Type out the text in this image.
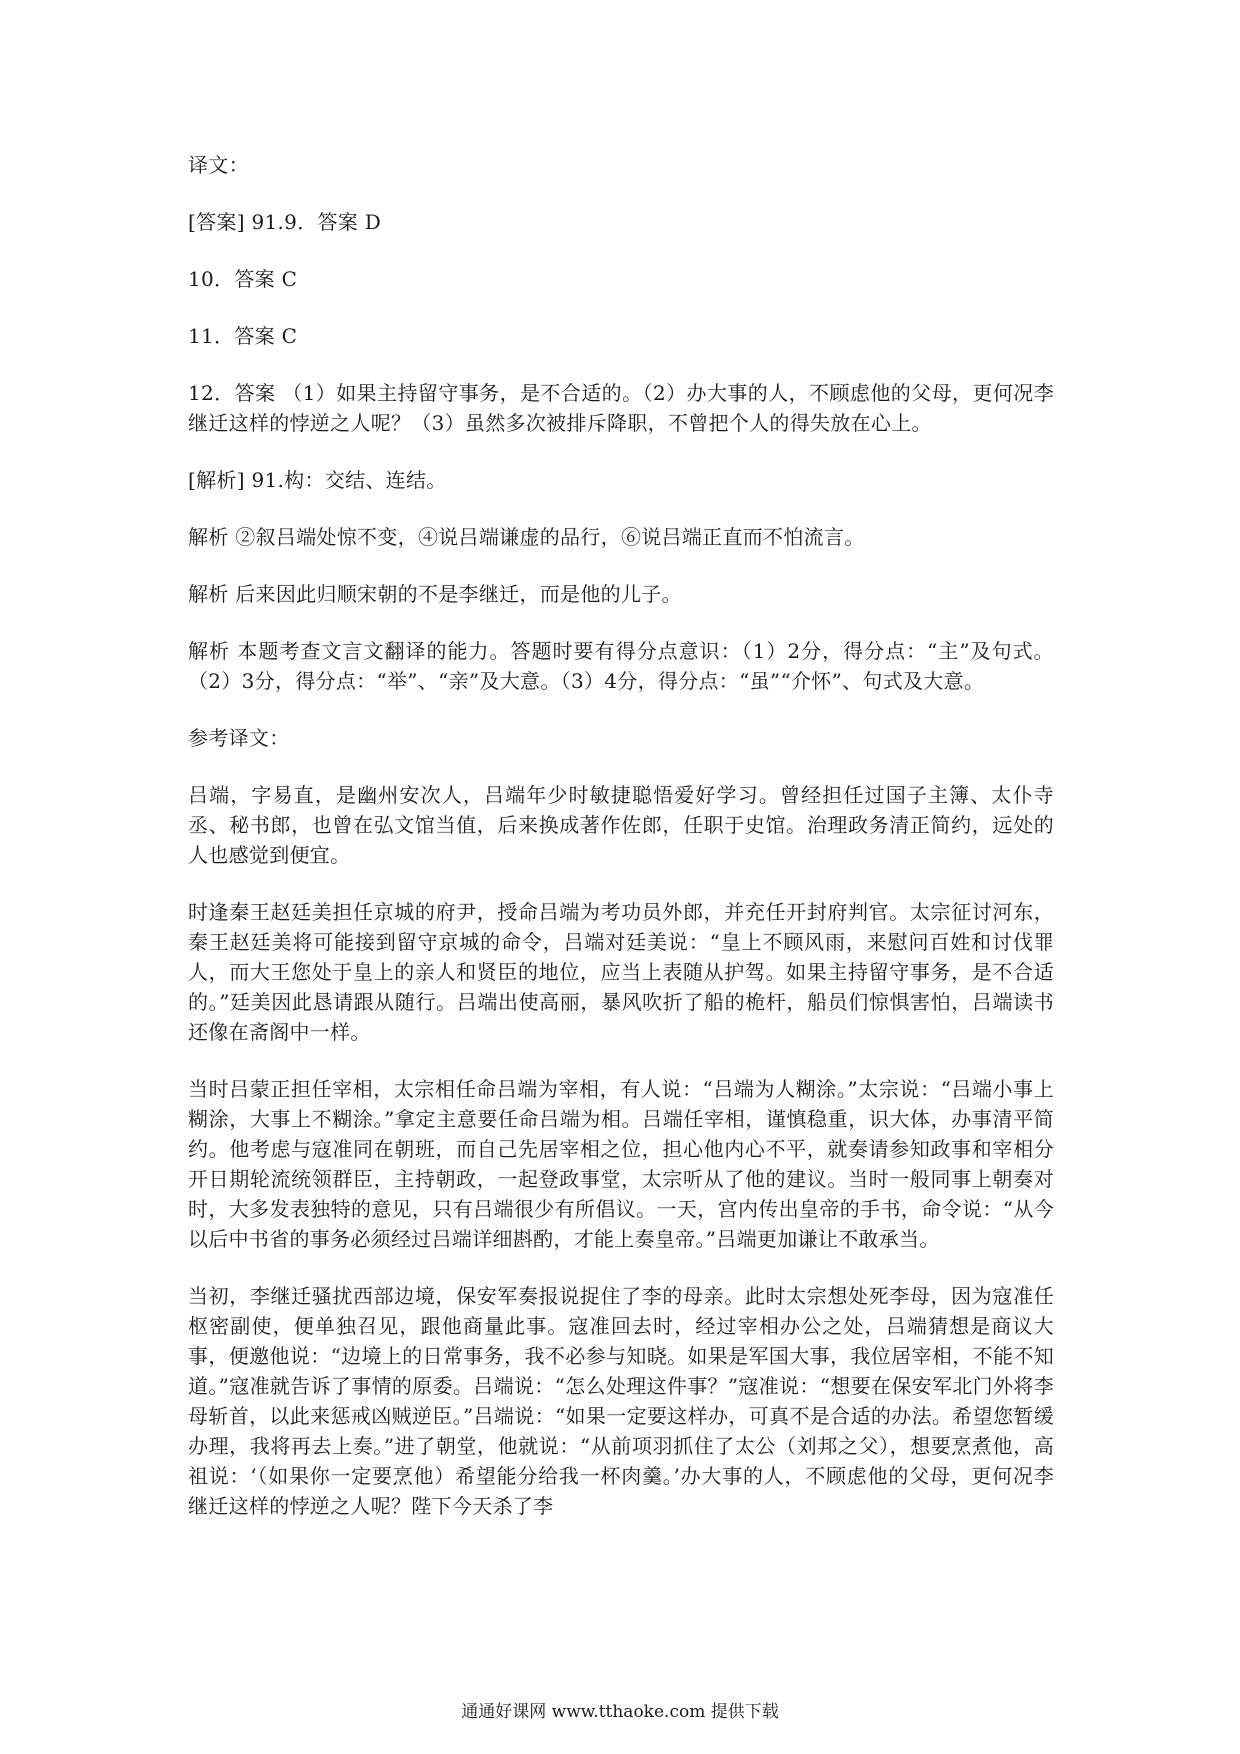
译文：

[答案] 91.9．答案 D

10．答案 C

11．答案 C

12．答案 （1）如果主持留守事务，是不合适的。（2）办大事的人，不顾虑他的父母，更何况李继迁这样的悖逆之人呢？（3）虽然多次被排斥降职，不曾把个人的得失放在心上。

[解析] 91.构：交结、连结。

解析 ②叙吕端处惊不变，④说吕端谦虚的品行，⑥说吕端正直而不怕流言。

解析 后来因此归顺宋朝的不是李继迁，而是他的儿子。

解析 本题考查文言文翻译的能力。答题时要有得分点意识：（1）2分，得分点：“主”及句式。（2）3分，得分点：“举”、“亲”及大意。（3）4分，得分点：“虽”“介怀”、句式及大意。

参考译文：

吕端，字易直，是幽州安次人，吕端年少时敏捷聪悟爱好学习。曾经担任过国子主簿、太仆寺丞、秘书郎，也曾在弘文馆当值，后来换成著作佐郎，任职于史馆。治理政务清正简约，远处的人也感觉到便宜。

时逢秦王赵廷美担任京城的府尹，授命吕端为考功员外郎，并充任开封府判官。太宗征讨河东，秦王赵廷美将可能接到留守京城的命令，吕端对廷美说：“皇上不顾风雨，来慰问百姓和讨伐罪人，而大王您处于皇上的亲人和贤臣的地位，应当上表随从护驾。如果主持留守事务，是不合适的。”廷美因此恳请跟从随行。吕端出使高丽，暴风吹折了船的桅杆，船员们惊惧害怕，吕端读书还像在斋阁中一样。

当时吕蒙正担任宰相，太宗相任命吕端为宰相，有人说：“吕端为人糊涂。”太宗说：“吕端小事上糊涂，大事上不糊涂。”拿定主意要任命吕端为相。吕端任宰相，谨慎稳重，识大体，办事清平简约。他考虑与寇准同在朝班，而自己先居宰相之位，担心他内心不平，就奏请参知政事和宰相分开日期轮流统领群臣，主持朝政，一起登政事堂，太宗听从了他的建议。当时一般同事上朝奏对时，大多发表独特的意见，只有吕端很少有所倡议。一天，宫内传出皇帝的手书，命令说：“从今以后中书省的事务必须经过吕端详细斟酌，才能上奏皇帝。”吕端更加谦让不敢承当。

当初，李继迁骚扰西部边境，保安军奏报说捉住了李的母亲。此时太宗想处死李母，因为寇准任枢密副使，便单独召见，跟他商量此事。寇准回去时，经过宰相办公之处，吕端猜想是商议大事，便邀他说：“边境上的日常事务，我不必参与知晓。如果是军国大事，我位居宰相，不能不知道。”寇准就告诉了事情的原委。吕端说：“怎么处理这件事？”寇准说：“想要在保安军北门外将李母斩首，以此来惩戒凶贼逆臣。”吕端说：“如果一定要这样办，可真不是合适的办法。希望您暂缓办理，我将再去上奏。”进了朝堂，他就说：“从前项羽抓住了太公（刘邦之父），想要烹煮他，高祖说：‘（如果你一定要烹他）希望能分给我一杯肉羹。’办大事的人，不顾虑他的父母，更何况李继迁这样的悖逆之人呢？陛下今天杀了李

通通好课网 www.tthaoke.com 提供下载
